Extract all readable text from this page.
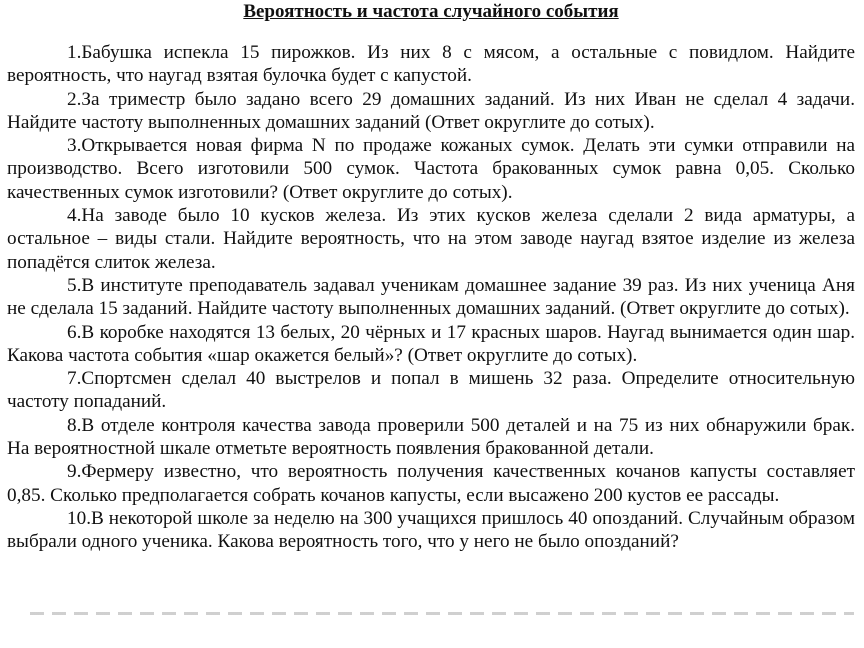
Вероятность и частота случайного события
1.Бабушка испекла 15 пирожков. Из них 8 с мясом, а остальные с повидлом. Найдите вероятность, что наугад взятая булочка будет с капустой.
2.За триместр было задано всего 29 домашних заданий. Из них Иван не сделал 4 задачи. Найдите частоту выполненных домашних заданий (Ответ округлите до сотых).
3.Открывается новая фирма N по продаже кожаных сумок. Делать эти сумки отправили на производство. Всего изготовили 500 сумок. Частота бракованных сумок равна 0,05. Сколько качественных сумок изготовили? (Ответ округлите до сотых).
4.На заводе было 10 кусков железа. Из этих кусков железа сделали 2 вида арматуры, а остальное – виды стали. Найдите вероятность, что на этом заводе наугад взятое изделие из железа попадётся слиток железа.
5.В институте преподаватель задавал ученикам домашнее задание 39 раз. Из них ученица Аня не сделала 15 заданий. Найдите частоту выполненных домашних заданий. (Ответ округлите до сотых).
6.В коробке находятся 13 белых, 20 чёрных и 17 красных шаров. Наугад вынимается один шар. Какова частота события «шар окажется белый»? (Ответ округлите до сотых).
7.Спортсмен сделал 40 выстрелов и попал в мишень 32 раза. Определите относительную частоту попаданий.
8.В отделе контроля качества завода проверили 500 деталей и на 75 из них обнаружили брак. На вероятностной шкале отметьте вероятность появления бракованной детали.
9.Фермеру известно, что вероятность получения качественных кочанов капусты составляет 0,85. Сколько предполагается собрать кочанов капусты, если высажено 200 кустов ее рассады.
10.В некоторой школе за неделю на 300 учащихся пришлось 40 опозданий. Случайным образом выбрали одного ученика. Какова вероятность того, что у него не было опозданий?
